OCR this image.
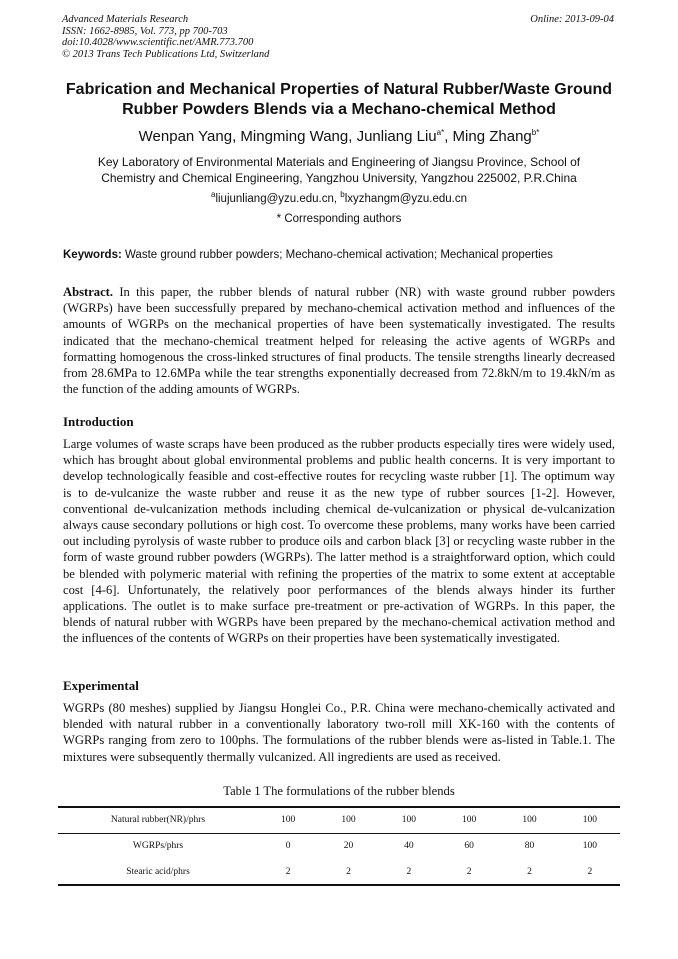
Advanced Materials Research
ISSN: 1662-8985, Vol. 773, pp 700-703
doi:10.4028/www.scientific.net/AMR.773.700
© 2013 Trans Tech Publications Ltd, Switzerland
Online: 2013-09-04
Fabrication and Mechanical Properties of Natural Rubber/Waste Ground
Rubber Powders Blends via a Mechano-chemical Method
Wenpan Yang, Mingming Wang, Junliang Liu$^{a*}$, Ming Zhang$^{b*}$
Key Laboratory of Environmental Materials and Engineering of Jiangsu Province, School of
Chemistry and Chemical Engineering, Yangzhou University, Yangzhou 225002, P.R.China
$^a$liujunliang@yzu.edu.cn, $^b$lxyzhangm@yzu.edu.cn
* Corresponding authors
Keywords: Waste ground rubber powders; Mechano-chemical activation; Mechanical properties
Abstract. In this paper, the rubber blends of natural rubber (NR) with waste ground rubber powders (WGRPs) have been successfully prepared by mechano-chemical activation method and influences of the amounts of WGRPs on the mechanical properties of have been systematically investigated. The results indicated that the mechano-chemical treatment helped for releasing the active agents of WGRPs and formatting homogenous the cross-linked structures of final products. The tensile strengths linearly decreased from 28.6MPa to 12.6MPa while the tear strengths exponentially decreased from 72.8kN/m to 19.4kN/m as the function of the adding amounts of WGRPs.
Introduction
Large volumes of waste scraps have been produced as the rubber products especially tires were widely used, which has brought about global environmental problems and public health concerns. It is very important to develop technologically feasible and cost-effective routes for recycling waste rubber [1]. The optimum way is to de-vulcanize the waste rubber and reuse it as the new type of rubber sources [1-2]. However, conventional de-vulcanization methods including chemical de-vulcanization or physical de-vulcanization always cause secondary pollutions or high cost. To overcome these problems, many works have been carried out including pyrolysis of waste rubber to produce oils and carbon black [3] or recycling waste rubber in the form of waste ground rubber powders (WGRPs). The latter method is a straightforward option, which could be blended with polymeric material with refining the properties of the matrix to some extent at acceptable cost [4-6]. Unfortunately, the relatively poor performances of the blends always hinder its further applications. The outlet is to make surface pre-treatment or pre-activation of WGRPs. In this paper, the blends of natural rubber with WGRPs have been prepared by the mechano-chemical activation method and the influences of the contents of WGRPs on their properties have been systematically investigated.
Experimental
WGRPs (80 meshes) supplied by Jiangsu Honglei Co., P.R. China were mechano-chemically activated and blended with natural rubber in a conventionally laboratory two-roll mill XK-160 with the contents of WGRPs ranging from zero to 100phs. The formulations of the rubber blends were as-listed in Table.1. The mixtures were subsequently thermally vulcanized. All ingredients are used as received.
Table 1 The formulations of the rubber blends
Natural rubber(NR)/phrs	100	100	100	100	100	100
WGRPs/phrs	0	20	40	60	80	100
Stearic acid/phrs	2	2	2	2	2	2
